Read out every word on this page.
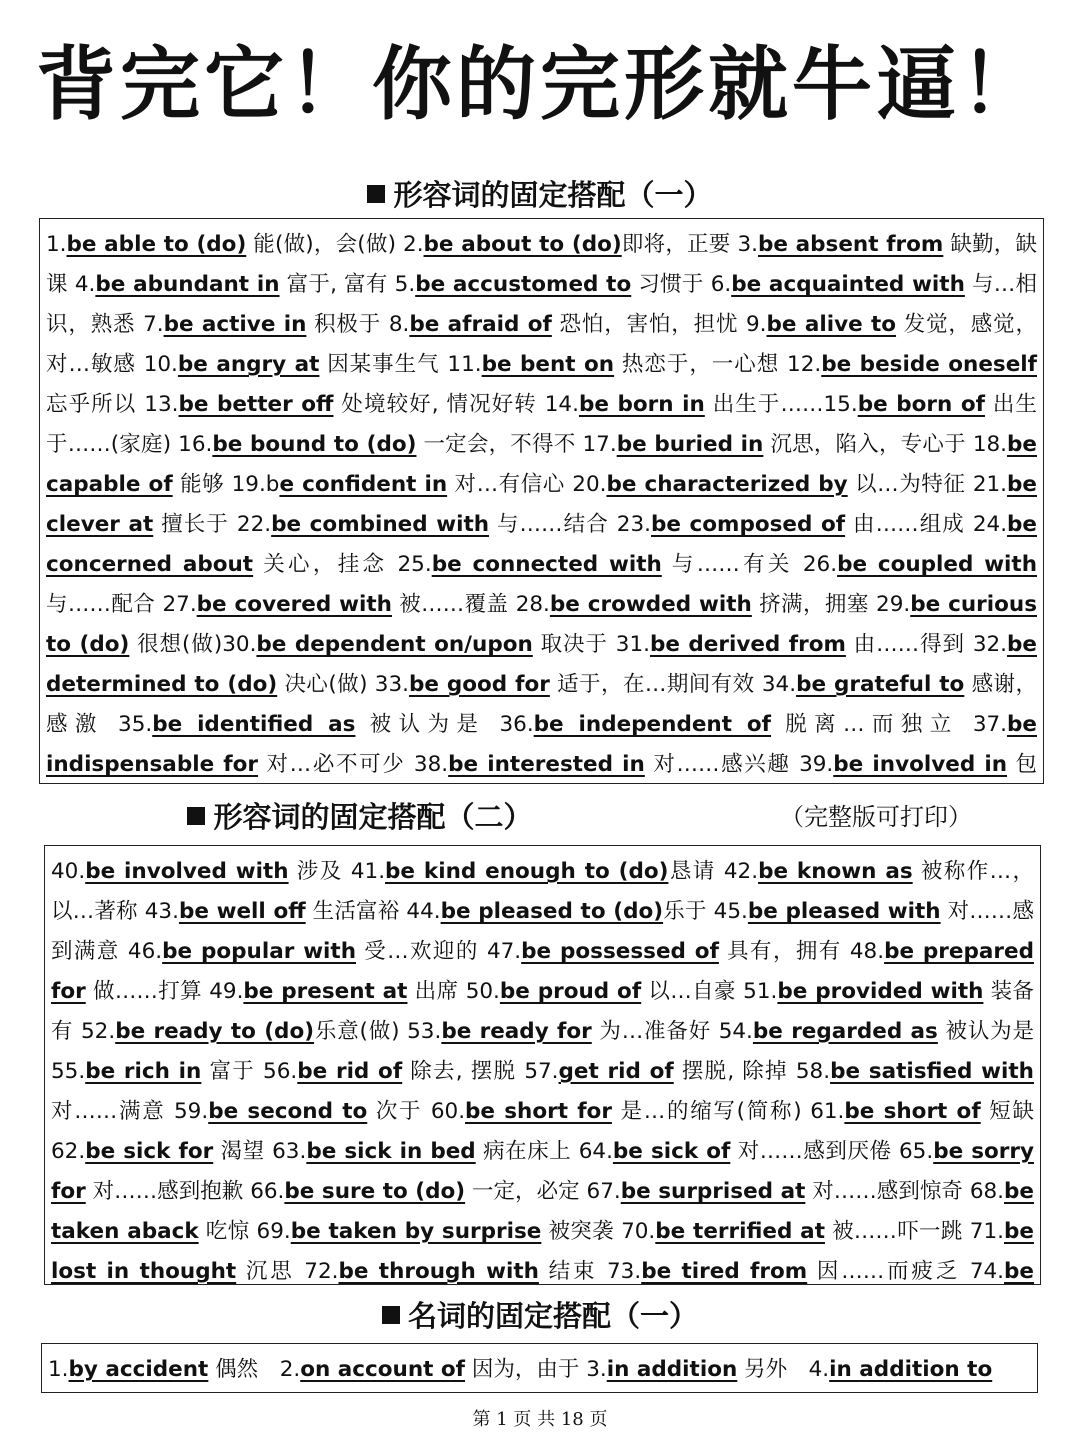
背完它！你的完形就牛逼！
形容词的固定搭配（一）
1.be able to (do) 能(做)，会(做) 2.be about to (do)即将，正要 3.be absent from 缺勤，缺课 4.be abundant in 富于, 富有 5.be accustomed to 习惯于 6.be acquainted with 与…相识，熟悉 7.be active in 积极于 8.be afraid of 恐怕，害怕，担忧 9.be alive to 发觉，感觉，对…敏感 10.be angry at 因某事生气 11.be bent on 热恋于，一心想 12.be beside oneself 忘乎所以 13.be better off 处境较好, 情况好转 14.be born in 出生于……15.be born of 出生于……(家庭) 16.be bound to (do) 一定会，不得不 17.be buried in 沉思，陷入，专心于 18.be capable of 能够 19.be confident in 对…有信心 20.be characterized by 以…为特征 21.be clever at 擅长于 22.be combined with 与……结合 23.be composed of 由……组成 24.be concerned about 关心，挂念 25.be connected with 与……有关 26.be coupled with 与……配合 27.be covered with 被……覆盖 28.be crowded with 挤满，拥塞 29.be curious to (do) 很想(做)30.be dependent on/upon 取决于 31.be derived from 由……得到 32.be determined to (do) 决心(做) 33.be good for 适于，在…期间有效 34.be grateful to 感谢，感激 35.be identified as 被认为是 36.be independent of 脱离…而独立 37.be indispensable for 对…必不可少 38.be interested in 对……感兴趣 39.be involved in 包
形容词的固定搭配（二）	（完整版可打印）
40.be involved with 涉及 41.be kind enough to (do)恳请 42.be known as 被称作…，以…著称 43.be well off 生活富裕 44.be pleased to (do)乐于 45.be pleased with 对……感到满意 46.be popular with 受…欢迎的 47.be possessed of 具有，拥有 48.be prepared for 做……打算 49.be present at 出席 50.be proud of 以…自豪 51.be provided with 装备有 52.be ready to (do)乐意(做) 53.be ready for 为…准备好 54.be regarded as 被认为是 55.be rich in 富于 56.be rid of 除去, 摆脱 57.get rid of 摆脱, 除掉 58.be satisfied with 对……满意 59.be second to 次于 60.be short for 是…的缩写(简称) 61.be short of 短缺 62.be sick for 渴望 63.be sick in bed 病在床上 64.be sick of 对……感到厌倦 65.be sorry for 对……感到抱歉 66.be sure to (do) 一定，必定 67.be surprised at 对……感到惊奇 68.be taken aback 吃惊 69.be taken by surprise 被突袭 70.be terrified at 被……吓一跳 71.be lost in thought 沉思 72.be through with 结束 73.be tired from 因……而疲乏 74.be
名词的固定搭配（一）
1.by accident 偶然　2.on account of 因为，由于 3.in addition 另外　4.in addition to
第 1 页 共 18 页
